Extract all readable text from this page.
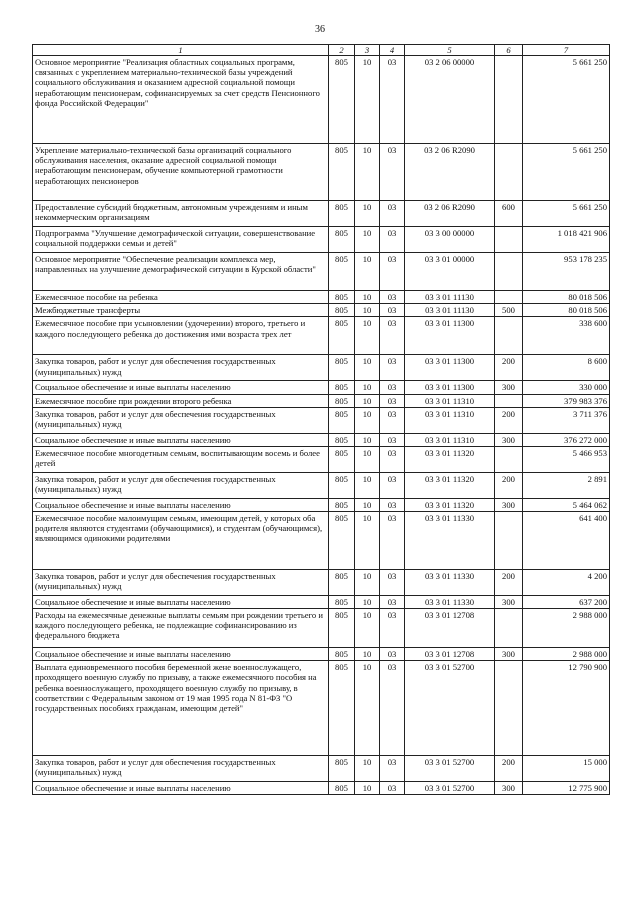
36
1	2	3	4	5	6	7
Основное мероприятие "Реализация областных социальных программ, связанных с укреплением материально-технической базы учреждений социального обслуживания и оказанием адресной социальной помощи неработающим пенсионерам, софинансируемых за счет средств Пенсионного фонда Российской Федерации"	805	10	03	03 2 06 00000		5 661 250
Укрепление материально-технической базы организаций социального обслуживания населения, оказание адресной социальной помощи неработающим пенсионерам, обучение компьютерной грамотности неработающих пенсионеров	805	10	03	03 2 06 R2090		5 661 250
Предоставление субсидий бюджетным, автономным учреждениям и иным некоммерческим организациям	805	10	03	03 2 06 R2090	600	5 661 250
Подпрограмма "Улучшение демографической ситуации, совершенствование социальной поддержки семьи и детей"	805	10	03	03 3 00 00000		1 018 421 906
Основное мероприятие "Обеспечение реализации комплекса мер, направленных на улучшение демографической ситуации в Курской области"	805	10	03	03 3 01 00000		953 178 235
Ежемесячное пособие на ребенка	805	10	03	03 3 01 11130		80 018 506
Межбюджетные трансферты	805	10	03	03 3 01 11130	500	80 018 506
Ежемесячное пособие при усыновлении (удочерении) второго, третьего и каждого последующего ребенка до достижения ими возраста трех лет	805	10	03	03 3 01 11300		338 600
Закупка товаров, работ и услуг для обеспечения государственных (муниципальных) нужд	805	10	03	03 3 01 11300	200	8 600
Социальное обеспечение и иные выплаты населению	805	10	03	03 3 01 11300	300	330 000
Ежемесячное пособие при рождении второго ребенка	805	10	03	03 3 01 11310		379 983 376
Закупка товаров, работ и услуг для обеспечения государственных (муниципальных) нужд	805	10	03	03 3 01 11310	200	3 711 376
Социальное обеспечение и иные выплаты населению	805	10	03	03 3 01 11310	300	376 272 000
Ежемесячное пособие многодетным семьям, воспитывающим восемь и более детей	805	10	03	03 3 01 11320		5 466 953
Закупка товаров, работ и услуг для обеспечения государственных (муниципальных) нужд	805	10	03	03 3 01 11320	200	2 891
Социальное обеспечение и иные выплаты населению	805	10	03	03 3 01 11320	300	5 464 062
Ежемесячное пособие малоимущим семьям, имеющим детей, у которых оба родителя являются студентами (обучающимися), и студентам (обучающимся), являющимся одинокими родителями	805	10	03	03 3 01 11330		641 400
Закупка товаров, работ и услуг для обеспечения государственных (муниципальных) нужд	805	10	03	03 3 01 11330	200	4 200
Социальное обеспечение и иные выплаты населению	805	10	03	03 3 01 11330	300	637 200
Расходы на ежемесячные денежные выплаты семьям при рождении третьего и каждого последующего ребенка, не подлежащие софинансированию из федерального бюджета	805	10	03	03 3 01 12708		2 988 000
Социальное обеспечение и иные выплаты населению	805	10	03	03 3 01 12708	300	2 988 000
Выплата единовременного пособия беременной жене военнослужащего, проходящего военную службу по призыву, а также ежемесячного пособия на ребенка военнослужащего, проходящего военную службу по призыву, в соответствии с Федеральным законом от 19 мая 1995 года N 81-ФЗ "О государственных пособиях гражданам, имеющим детей"	805	10	03	03 3 01 52700		12 790 900
Закупка товаров, работ и услуг для обеспечения государственных (муниципальных) нужд	805	10	03	03 3 01 52700	200	15 000
Социальное обеспечение и иные выплаты населению	805	10	03	03 3 01 52700	300	12 775 900
